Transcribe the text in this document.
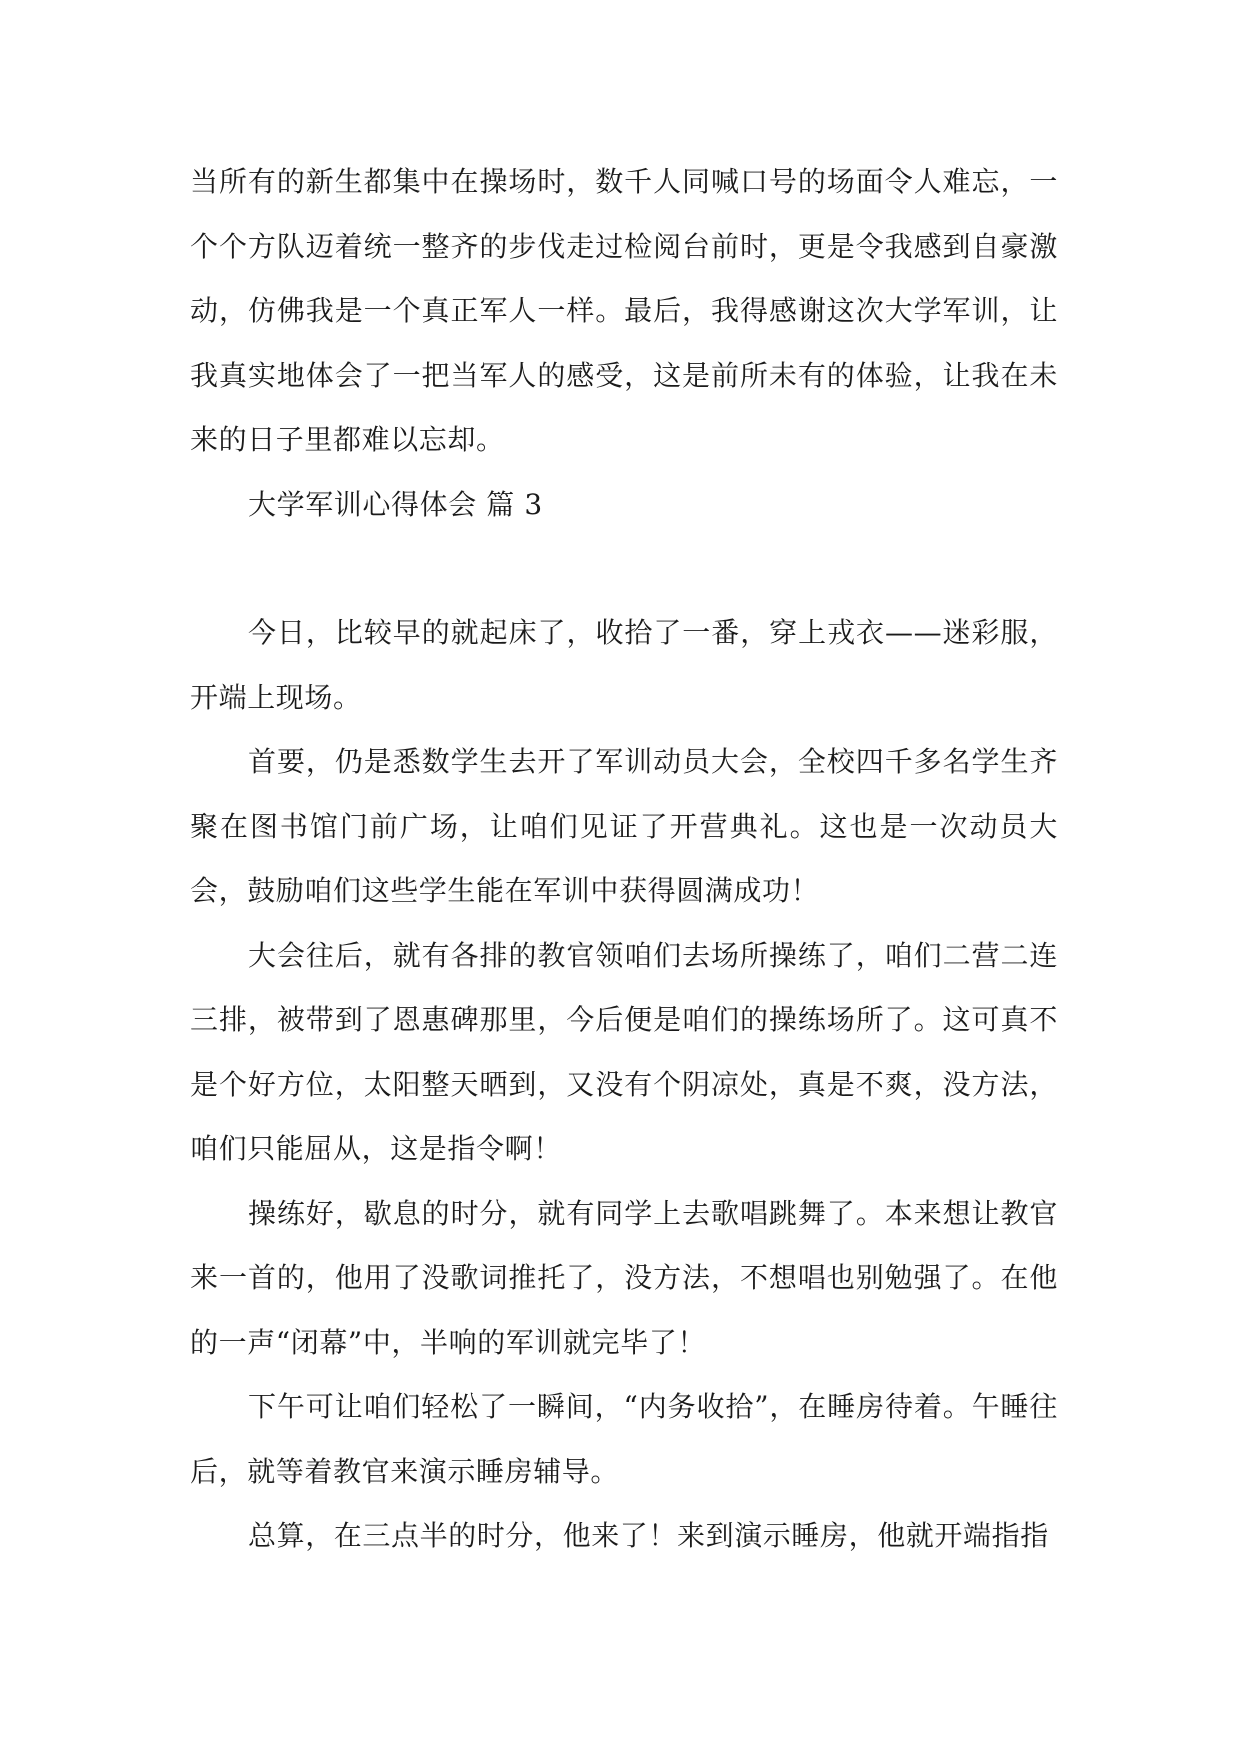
当所有的新生都集中在操场时，数千人同喊口号的场面令人难忘，一个个方队迈着统一整齐的步伐走过检阅台前时，更是令我感到自豪激动，仿佛我是一个真正军人一样。最后，我得感谢这次大学军训，让我真实地体会了一把当军人的感受，这是前所未有的体验，让我在未来的日子里都难以忘却。

大学军训心得体会 篇 3

今日，比较早的就起床了，收拾了一番，穿上戎衣——迷彩服，开端上现场。

首要，仍是悉数学生去开了军训动员大会，全校四千多名学生齐聚在图书馆门前广场，让咱们见证了开营典礼。这也是一次动员大会，鼓励咱们这些学生能在军训中获得圆满成功！

大会往后，就有各排的教官领咱们去场所操练了，咱们二营二连三排，被带到了恩惠碑那里，今后便是咱们的操练场所了。这可真不是个好方位，太阳整天晒到，又没有个阴凉处，真是不爽，没方法，咱们只能屈从，这是指令啊！

操练好，歇息的时分，就有同学上去歌唱跳舞了。本来想让教官来一首的，他用了没歌词推托了，没方法，不想唱也别勉强了。在他的一声“闭幕”中，半响的军训就完毕了！

下午可让咱们轻松了一瞬间，“内务收拾”，在睡房待着。午睡往后，就等着教官来演示睡房辅导。

总算，在三点半的时分，他来了！来到演示睡房，他就开端指指
